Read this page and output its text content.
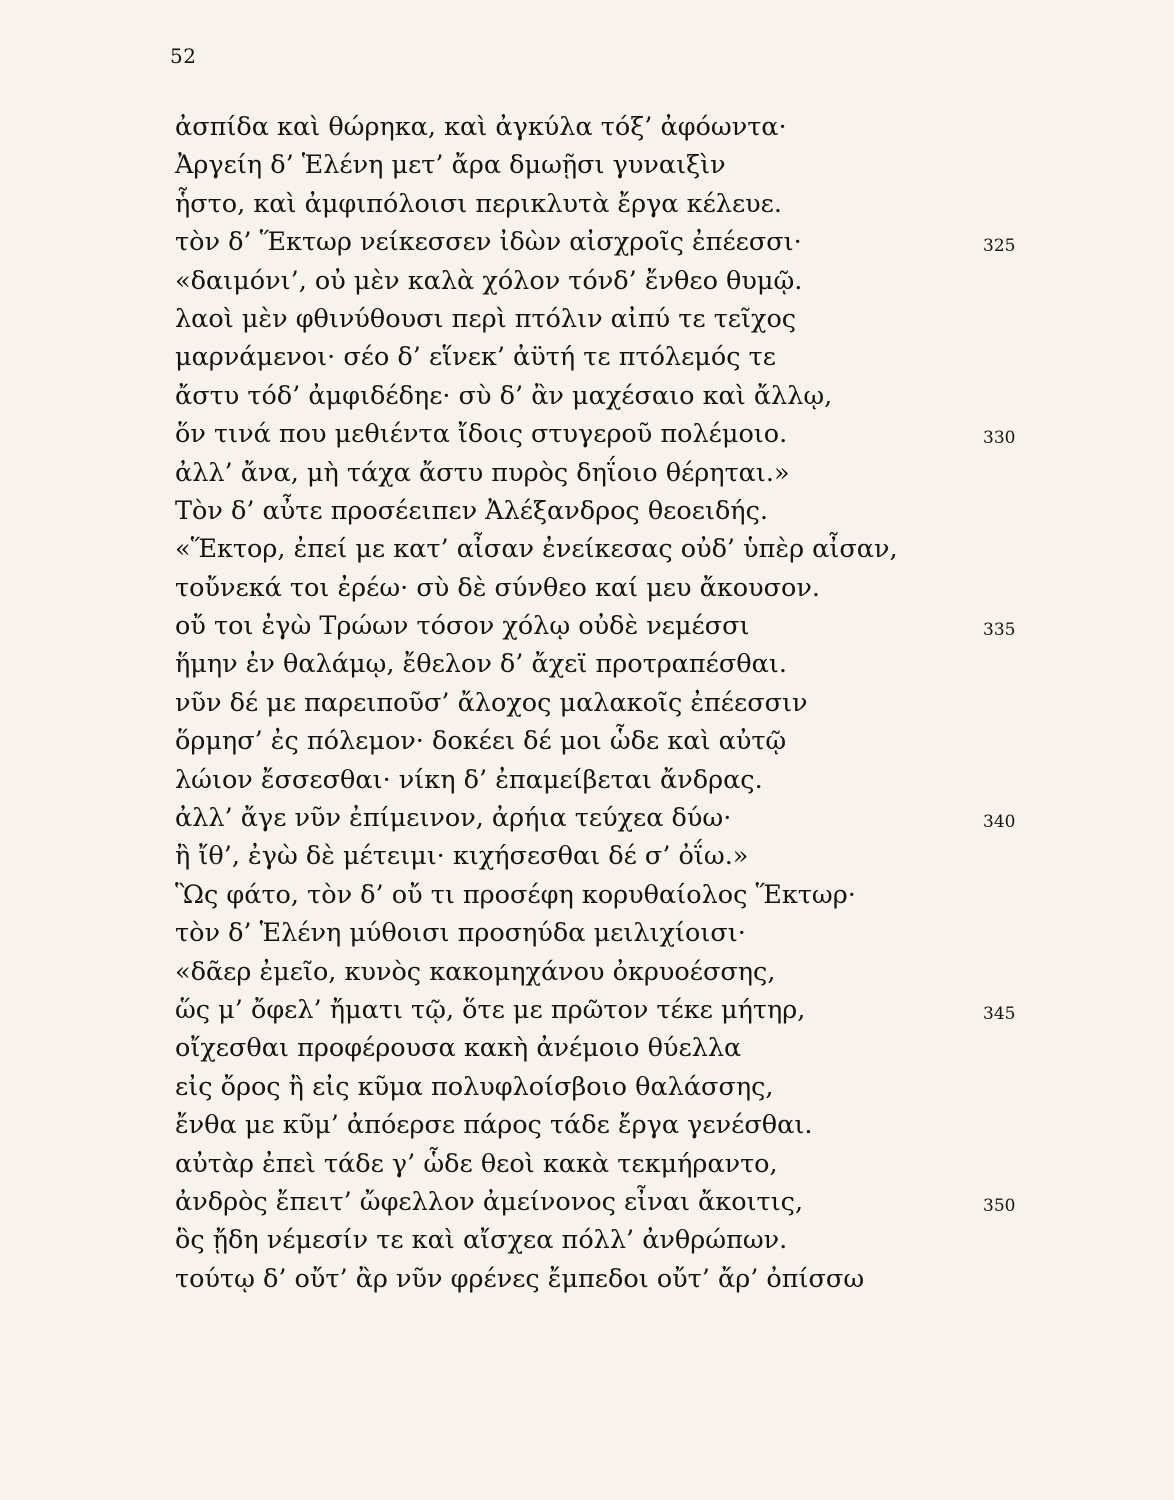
52
ἀσπίδα καὶ θώρηκα, καὶ ἀγκύλα τόξ’ ἀφόωντα·
Ἀργείη δ’ Ἑλένη μετ’ ἄρα δμωῇσι γυναιξὶν
ἧστο, καὶ ἀμφιπόλοισι περικλυτὰ ἔργα κέλευε.
τὸν δ’ Ἕκτωρ νείκεσσεν ἰδὼν αἰσχροῖς ἐπέεσσι·	325
«δαιμόνι’, οὐ μὲν καλὰ χόλον τόνδ’ ἔνθεο θυμῷ.
λαοὶ μὲν φθινύθουσι περὶ πτόλιν αἰπύ τε τεῖχος
μαρνάμενοι· σέο δ’ εἵνεκ’ ἀϋτή τε πτόλεμός τε
ἄστυ τόδ’ ἀμφιδέδηε· σὺ δ’ ἂν μαχέσαιο καὶ ἄλλῳ,
ὅν τινά που μεθιέντα ἴδοις στυγεροῦ πολέμοιο.	330
ἀλλ’ ἄνα, μὴ τάχα ἄστυ πυρὸς δηΐοιο θέρηται.»
Τὸν δ’ αὖτε προσέειπεν Ἀλέξανδρος θεοειδής.
«Ἕκτορ, ἐπεί με κατ’ αἶσαν ἐνείκεσας οὐδ’ ὑπὲρ αἶσαν,
τοὔνεκά τοι ἐρέω· σὺ δὲ σύνθεο καί μευ ἄκουσον.
οὔ τοι ἐγὼ Τρώων τόσον χόλῳ οὐδὲ νεμέσσι	335
ἥμην ἐν θαλάμῳ, ἔθελον δ’ ἄχεϊ προτραπέσθαι.
νῦν δέ με παρειποῦσ’ ἄλοχος μαλακοῖς ἐπέεσσιν
ὅρμησ’ ἐς πόλεμον· δοκέει δέ μοι ὧδε καὶ αὐτῷ
λώιον ἔσσεσθαι· νίκη δ’ ἐπαμείβεται ἄνδρας.
ἀλλ’ ἄγε νῦν ἐπίμεινον, ἀρήια τεύχεα δύω·	340
ἢ ἴθ’, ἐγὼ δὲ μέτειμι· κιχήσεσθαι δέ σ’ ὀΐω.»
Ὣς φάτο, τὸν δ’ οὔ τι προσέφη κορυθαίολος Ἕκτωρ·
τὸν δ’ Ἑλένη μύθοισι προσηύδα μειλιχίοισι·
«δᾶερ ἐμεῖο, κυνὸς κακομηχάνου ὀκρυοέσσης,
ὥς μ’ ὄφελ’ ἤματι τῷ, ὅτε με πρῶτον τέκε μήτηρ,	345
οἴχεσθαι προφέρουσα κακὴ ἀνέμοιο θύελλα
εἰς ὄρος ἢ εἰς κῦμα πολυφλοίσβοιο θαλάσσης,
ἔνθα με κῦμ’ ἀπόερσε πάρος τάδε ἔργα γενέσθαι.
αὐτὰρ ἐπεὶ τάδε γ’ ὧδε θεοὶ κακὰ τεκμήραντο,
ἀνδρὸς ἔπειτ’ ὤφελλον ἀμείνονος εἶναι ἄκοιτις,	350
ὃς ᾔδη νέμεσίν τε καὶ αἴσχεα πόλλ’ ἀνθρώπων.
τούτῳ δ’ οὔτ’ ἂρ νῦν φρένες ἔμπεδοι οὔτ’ ἄρ’ ὀπίσσω
